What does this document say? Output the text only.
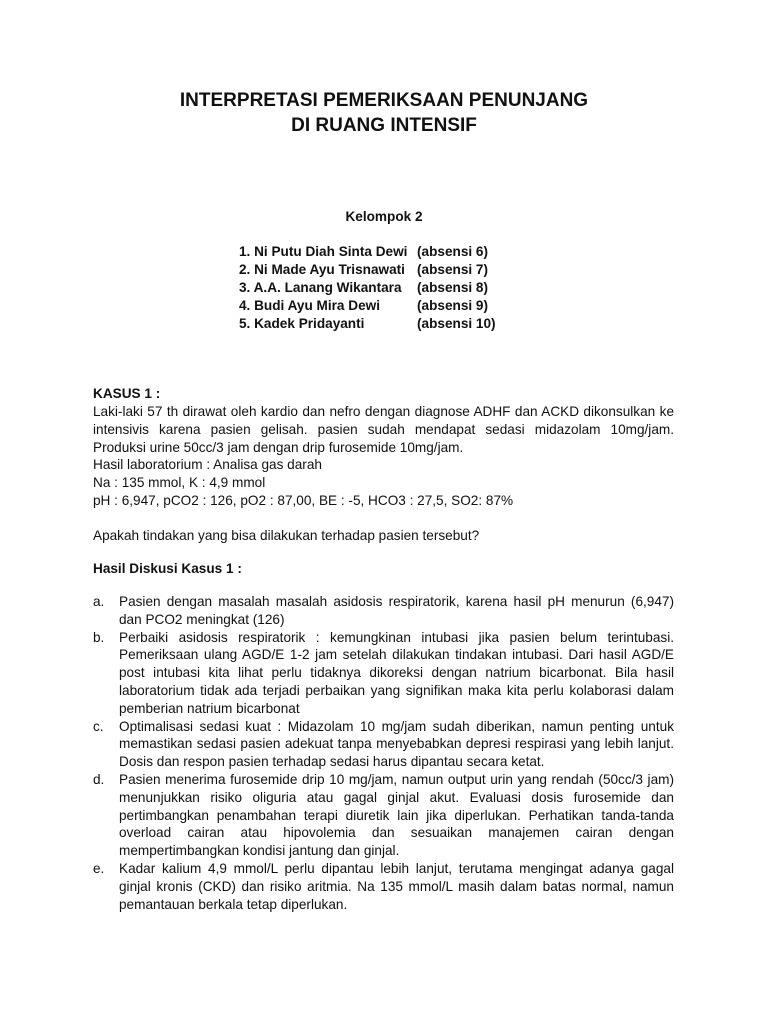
INTERPRETASI PEMERIKSAAN PENUNJANG
DI RUANG INTENSIF
Kelompok 2
1. Ni Putu Diah Sinta Dewi (absensi 6)
2. Ni Made Ayu Trisnawati (absensi 7)
3. A.A. Lanang Wikantara	(absensi 8)
4. Budi Ayu Mira Dewi	(absensi 9)
5. Kadek Pridayanti	(absensi 10)
KASUS 1 :
Laki-laki 57 th dirawat oleh kardio dan nefro dengan diagnose ADHF dan ACKD dikonsulkan ke intensivis karena pasien gelisah. pasien sudah mendapat sedasi midazolam 10mg/jam. Produksi urine 50cc/3 jam dengan drip furosemide 10mg/jam.
Hasil laboratorium : Analisa gas darah
Na : 135 mmol, K : 4,9 mmol
pH : 6,947, pCO2 : 126, pO2 : 87,00, BE : -5, HCO3 : 27,5, SO2: 87%
Apakah tindakan yang bisa dilakukan terhadap pasien tersebut?
Hasil Diskusi Kasus 1 :
a.	Pasien dengan masalah masalah asidosis respiratorik, karena hasil pH menurun (6,947) dan PCO2 meningkat (126)
b.	Perbaiki asidosis respiratorik : kemungkinan intubasi jika pasien belum terintubasi. Pemeriksaan ulang AGD/E 1-2 jam setelah dilakukan tindakan intubasi. Dari hasil AGD/E post intubasi kita lihat perlu tidaknya dikoreksi dengan natrium bicarbonat. Bila hasil laboratorium tidak ada terjadi perbaikan yang signifikan maka kita perlu kolaborasi dalam pemberian natrium bicarbonat
c.	Optimalisasi sedasi kuat : Midazolam 10 mg/jam sudah diberikan, namun penting untuk memastikan sedasi pasien adekuat tanpa menyebabkan depresi respirasi yang lebih lanjut. Dosis dan respon pasien terhadap sedasi harus dipantau secara ketat.
d.	Pasien menerima furosemide drip 10 mg/jam, namun output urin yang rendah (50cc/3 jam) menunjukkan risiko oliguria atau gagal ginjal akut. Evaluasi dosis furosemide dan pertimbangkan penambahan terapi diuretik lain jika diperlukan. Perhatikan tanda-tanda overload cairan atau hipovolemia dan sesuaikan manajemen cairan dengan mempertimbangkan kondisi jantung dan ginjal.
e.	Kadar kalium 4,9 mmol/L perlu dipantau lebih lanjut, terutama mengingat adanya gagal ginjal kronis (CKD) dan risiko aritmia. Na 135 mmol/L masih dalam batas normal, namun pemantauan berkala tetap diperlukan.
